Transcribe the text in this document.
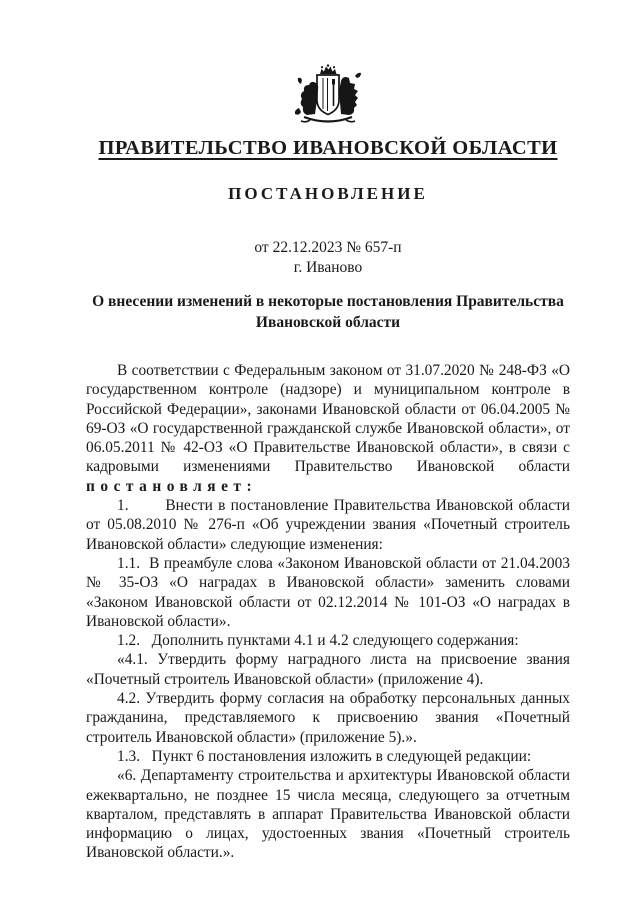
ПРАВИТЕЛЬСТВО ИВАНОВСКОЙ ОБЛАСТИ
ПОСТАНОВЛЕНИЕ
от 22.12.2023 № 657-п
г. Иваново
О внесении изменений в некоторые постановления Правительства Ивановской области

В соответствии с Федеральным законом от 31.07.2020 № 248-ФЗ «О государственном контроле (надзоре) и муниципальном контроле в Российской Федерации», законами Ивановской области от 06.04.2005 № 69-ОЗ «О государственной гражданской службе Ивановской области», от 06.05.2011 № 42-ОЗ «О Правительстве Ивановской области», в связи с кадровыми изменениями Правительство Ивановской области

постановляет:

1.       Внести в постановление Правительства Ивановской области от 05.08.2010 № 276-п «Об учреждении звания «Почетный строитель Ивановской области» следующие изменения:

1.1.  В преамбуле слова «Законом Ивановской области от 21.04.2003 № 35-ОЗ «О наградах в Ивановской области» заменить словами «Законом Ивановской области от 02.12.2014 № 101-ОЗ «О наградах в Ивановской области».

1.2.   Дополнить пунктами 4.1 и 4.2 следующего содержания:

«4.1. Утвердить форму наградного листа на присвоение звания «Почетный строитель Ивановской области» (приложение 4).

4.2. Утвердить форму согласия на обработку персональных данных гражданина, представляемого к присвоению звания «Почетный строитель Ивановской области» (приложение 5).».

1.3.   Пункт 6 постановления изложить в следующей редакции:

«6. Департаменту строительства и архитектуры Ивановской области ежеквартально, не позднее 15 числа месяца, следующего за отчетным кварталом, представлять в аппарат Правительства Ивановской области информацию о лицах, удостоенных звания «Почетный строитель Ивановской области.».
